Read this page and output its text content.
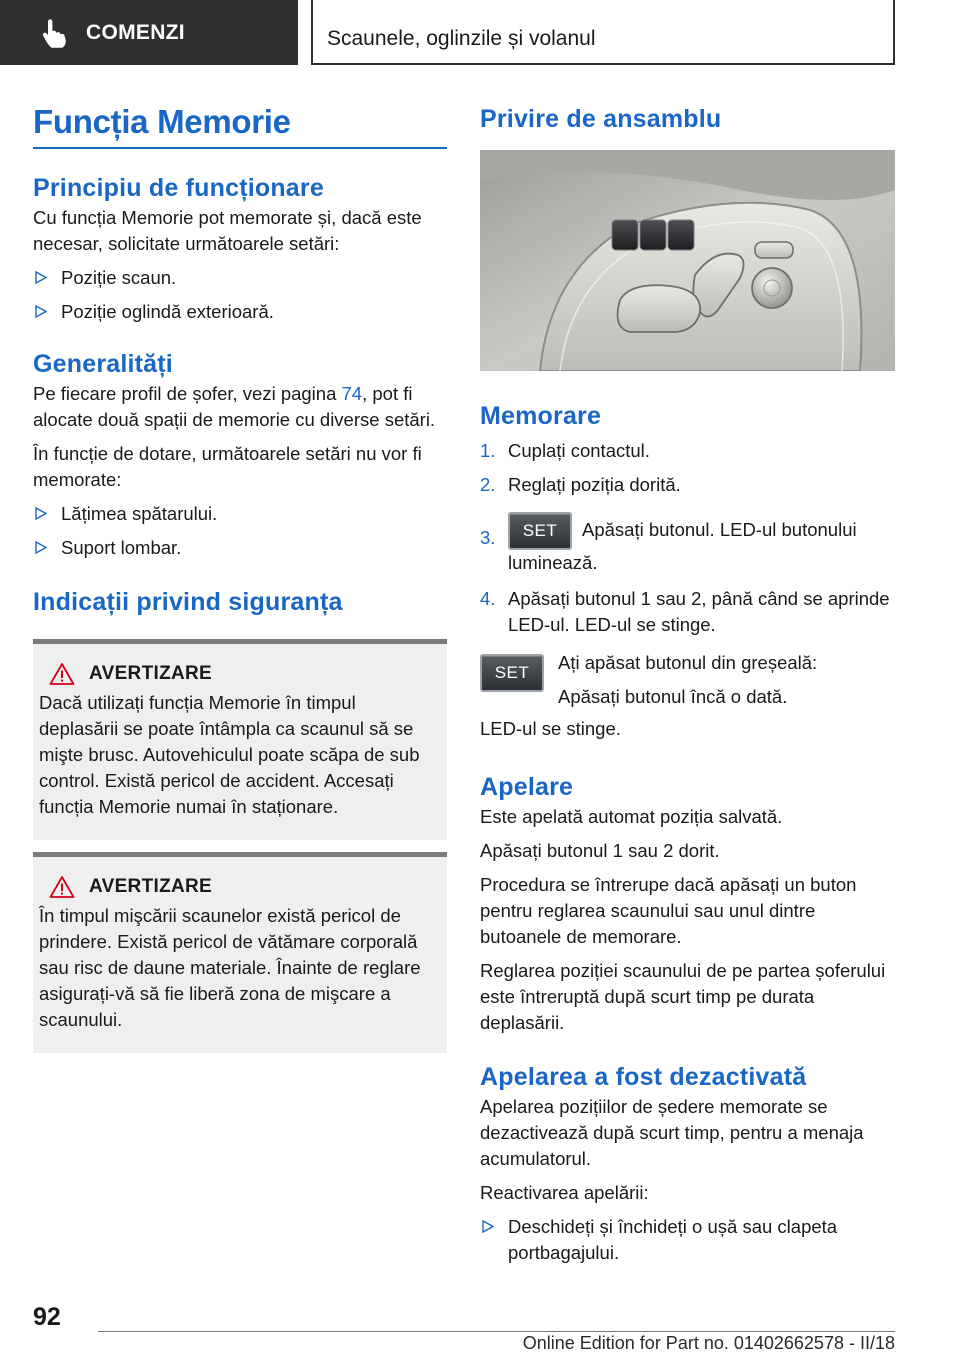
COMENZI	Scaunele, oglinzile și volanul
Funcția Memorie
Principiu de funcționare

Cu funcția Memorie pot memorate și, dacă este necesar, solicitate următoarele setări:

Poziție scaun.
Poziție oglindă exterioară.
Generalități

Pe fiecare profil de șofer, vezi pagina 74, pot fi alocate două spații de memorie cu diverse setări.

În funcție de dotare, următoarele setări nu vor fi memorate:

Lățimea spătarului.
Suport lombar.
Indicații privind siguranța
AVERTIZARE

Dacă utilizați funcția Memorie în timpul deplasării se poate întâmpla ca scaunul să se mişte brusc. Autovehiculul poate scăpa de sub control. Există pericol de accident. Accesați funcția Memorie numai în staționare.

AVERTIZARE

În timpul mişcării scaunelor există pericol de prindere. Există pericol de vătămare corporală sau risc de daune materiale. Înainte de reglare asigurați-vă să fie liberă zona de mişcare a scaunului.

Privire de ansamblu
Memorare
1. Cuplați contactul.
2. Reglați poziția dorită.
3. SET Apăsați butonul. LED-ul butonului luminează.
4. Apăsați butonul 1 sau 2, până când se aprinde LED-ul. LED-ul se stinge.
SET	Ați apăsat butonul din greșeală:

Apăsați butonul încă o dată.

LED-ul se stinge.

Apelare

Este apelată automat poziția salvată.

Apăsați butonul 1 sau 2 dorit.

Procedura se întrerupe dacă apăsați un buton pentru reglarea scaunului sau unul dintre butoanele de memorare.

Reglarea poziției scaunului de pe partea șoferului este întreruptă după scurt timp pe durata deplasării.

Apelarea a fost dezactivată

Apelarea pozițiilor de ședere memorate se dezactivează după scurt timp, pentru a menaja acumulatorul.

Reactivarea apelării:

Deschideți și închideți o ușă sau clapeta portbagajului.
92
Online Edition for Part no. 01402662578 - II/18
